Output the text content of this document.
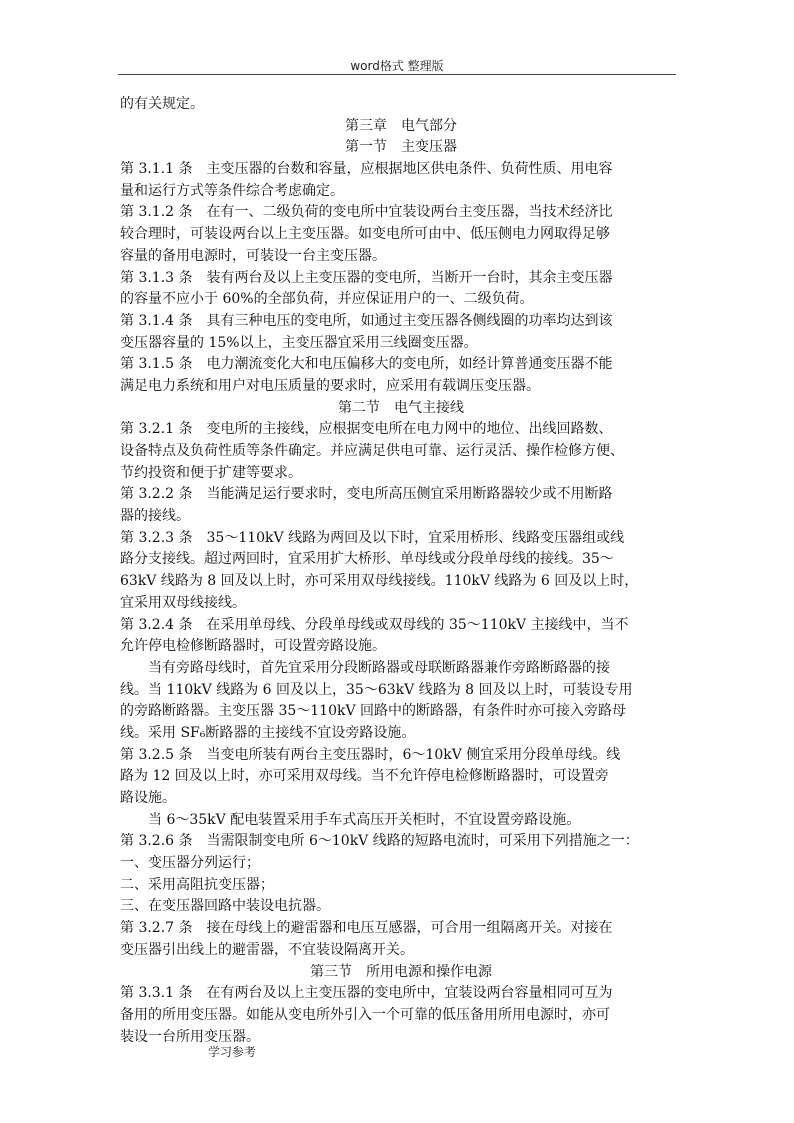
word格式 整理版
的有关规定。
第三章　电气部分
第一节　主变压器
第 3.1.1 条　主变压器的台数和容量，应根据地区供电条件、负荷性质、用电容
量和运行方式等条件综合考虑确定。
第 3.1.2 条　在有一、二级负荷的变电所中宜装设两台主变压器，当技术经济比
较合理时，可装设两台以上主变压器。如变电所可由中、低压侧电力网取得足够
容量的备用电源时，可装设一台主变压器。
第 3.1.3 条　装有两台及以上主变压器的变电所，当断开一台时，其余主变压器
的容量不应小于 60%的全部负荷，并应保证用户的一、二级负荷。
第 3.1.4 条　具有三种电压的变电所，如通过主变压器各侧线圈的功率均达到该
变压器容量的 15%以上，主变压器宜采用三线圈变压器。
第 3.1.5 条　电力潮流变化大和电压偏移大的变电所，如经计算普通变压器不能
满足电力系统和用户对电压质量的要求时，应采用有载调压变压器。
第二节　电气主接线
第 3.2.1 条　变电所的主接线，应根据变电所在电力网中的地位、出线回路数、
设备特点及负荷性质等条件确定。并应满足供电可靠、运行灵活、操作检修方便、
节约投资和便于扩建等要求。
第 3.2.2 条　当能满足运行要求时，变电所高压侧宜采用断路器较少或不用断路
器的接线。
第 3.2.3 条　35～110kV 线路为两回及以下时，宜采用桥形、线路变压器组或线
路分支接线。超过两回时，宜采用扩大桥形、单母线或分段单母线的接线。35～
63kV 线路为 8 回及以上时，亦可采用双母线接线。110kV 线路为 6 回及以上时，
宜采用双母线接线。
第 3.2.4 条　在采用单母线、分段单母线或双母线的 35～110kV 主接线中，当不
允许停电检修断路器时，可设置旁路设施。
当有旁路母线时，首先宜采用分段断路器或母联断路器兼作旁路断路器的接
线。当 110kV 线路为 6 回及以上，35～63kV 线路为 8 回及以上时，可装设专用
的旁路断路器。主变压器 35～110kV 回路中的断路器，有条件时亦可接入旁路母
线。采用 SF₆断路器的主接线不宜设旁路设施。
第 3.2.5 条　当变电所装有两台主变压器时，6～10kV 侧宜采用分段单母线。线
路为 12 回及以上时，亦可采用双母线。当不允许停电检修断路器时，可设置旁
路设施。
当 6～35kV 配电装置采用手车式高压开关柜时，不宜设置旁路设施。
第 3.2.6 条　当需限制变电所 6～10kV 线路的短路电流时，可采用下列措施之一：
一、变压器分列运行；
二、采用高阻抗变压器；
三、在变压器回路中装设电抗器。
第 3.2.7 条　接在母线上的避雷器和电压互感器，可合用一组隔离开关。对接在
变压器引出线上的避雷器，不宜装设隔离开关。
第三节　所用电源和操作电源
第 3.3.1 条　在有两台及以上主变压器的变电所中，宜装设两台容量相同可互为
备用的所用变压器。如能从变电所外引入一个可靠的低压备用所用电源时，亦可
装设一台所用变压器。
学习参考
